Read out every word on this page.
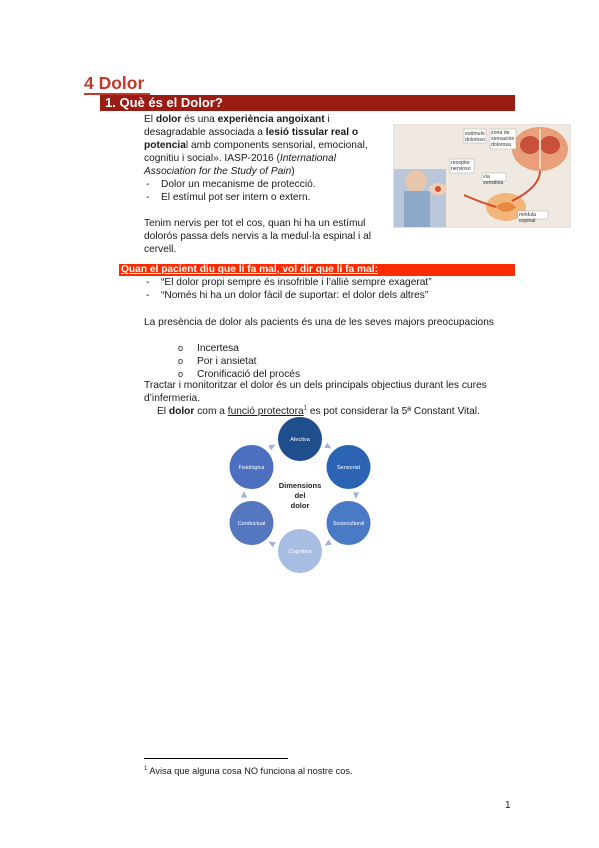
4 Dolor
1. Què és el Dolor?

El dolor és una experiència angoixant i desagradable associada a lesió tissular real o potencial amb components sensorial, emocional, cognitiu i social». IASP-2016 (International Association for the Study of Pain)

- Dolor un mecanisme de protecció.
- El estímul pot ser intern o extern.

Tenim nervis per tot el cos, quan hi ha un estímul dolorós passa dels nervis a la medul·la espinal i al cervell.

estímulo doloroso
zona de sensación dolorosa
receptor nervioso
vía sensitiva
médula espinal
Quan el pacient diu que li fa mal, vol dir que li fa mal:
- “El dolor propi sempre és insofrible i l’alliè sempre exagerat”
- “Només hi ha un dolor fàcil de suportar: el dolor dels altres”

La presència de dolor als pacients és una de les seves majors preocupacions

o Incertesa
o Por i ansietat
o Cronificació del procés

Tractar i monitoritzar el dolor és un dels principals objectius durant les cures d’infermeria.

El dolor com a funció protectora$^1$ es pot considerar la 5ª Constant Vital.

Afectiva
Sensorial
Sociocultural
Cognitiva
Conductual
Fisiològica
Dimensions
del
dolor

$^1$ Avisa que alguna cosa NO funciona al nostre cos.

1
